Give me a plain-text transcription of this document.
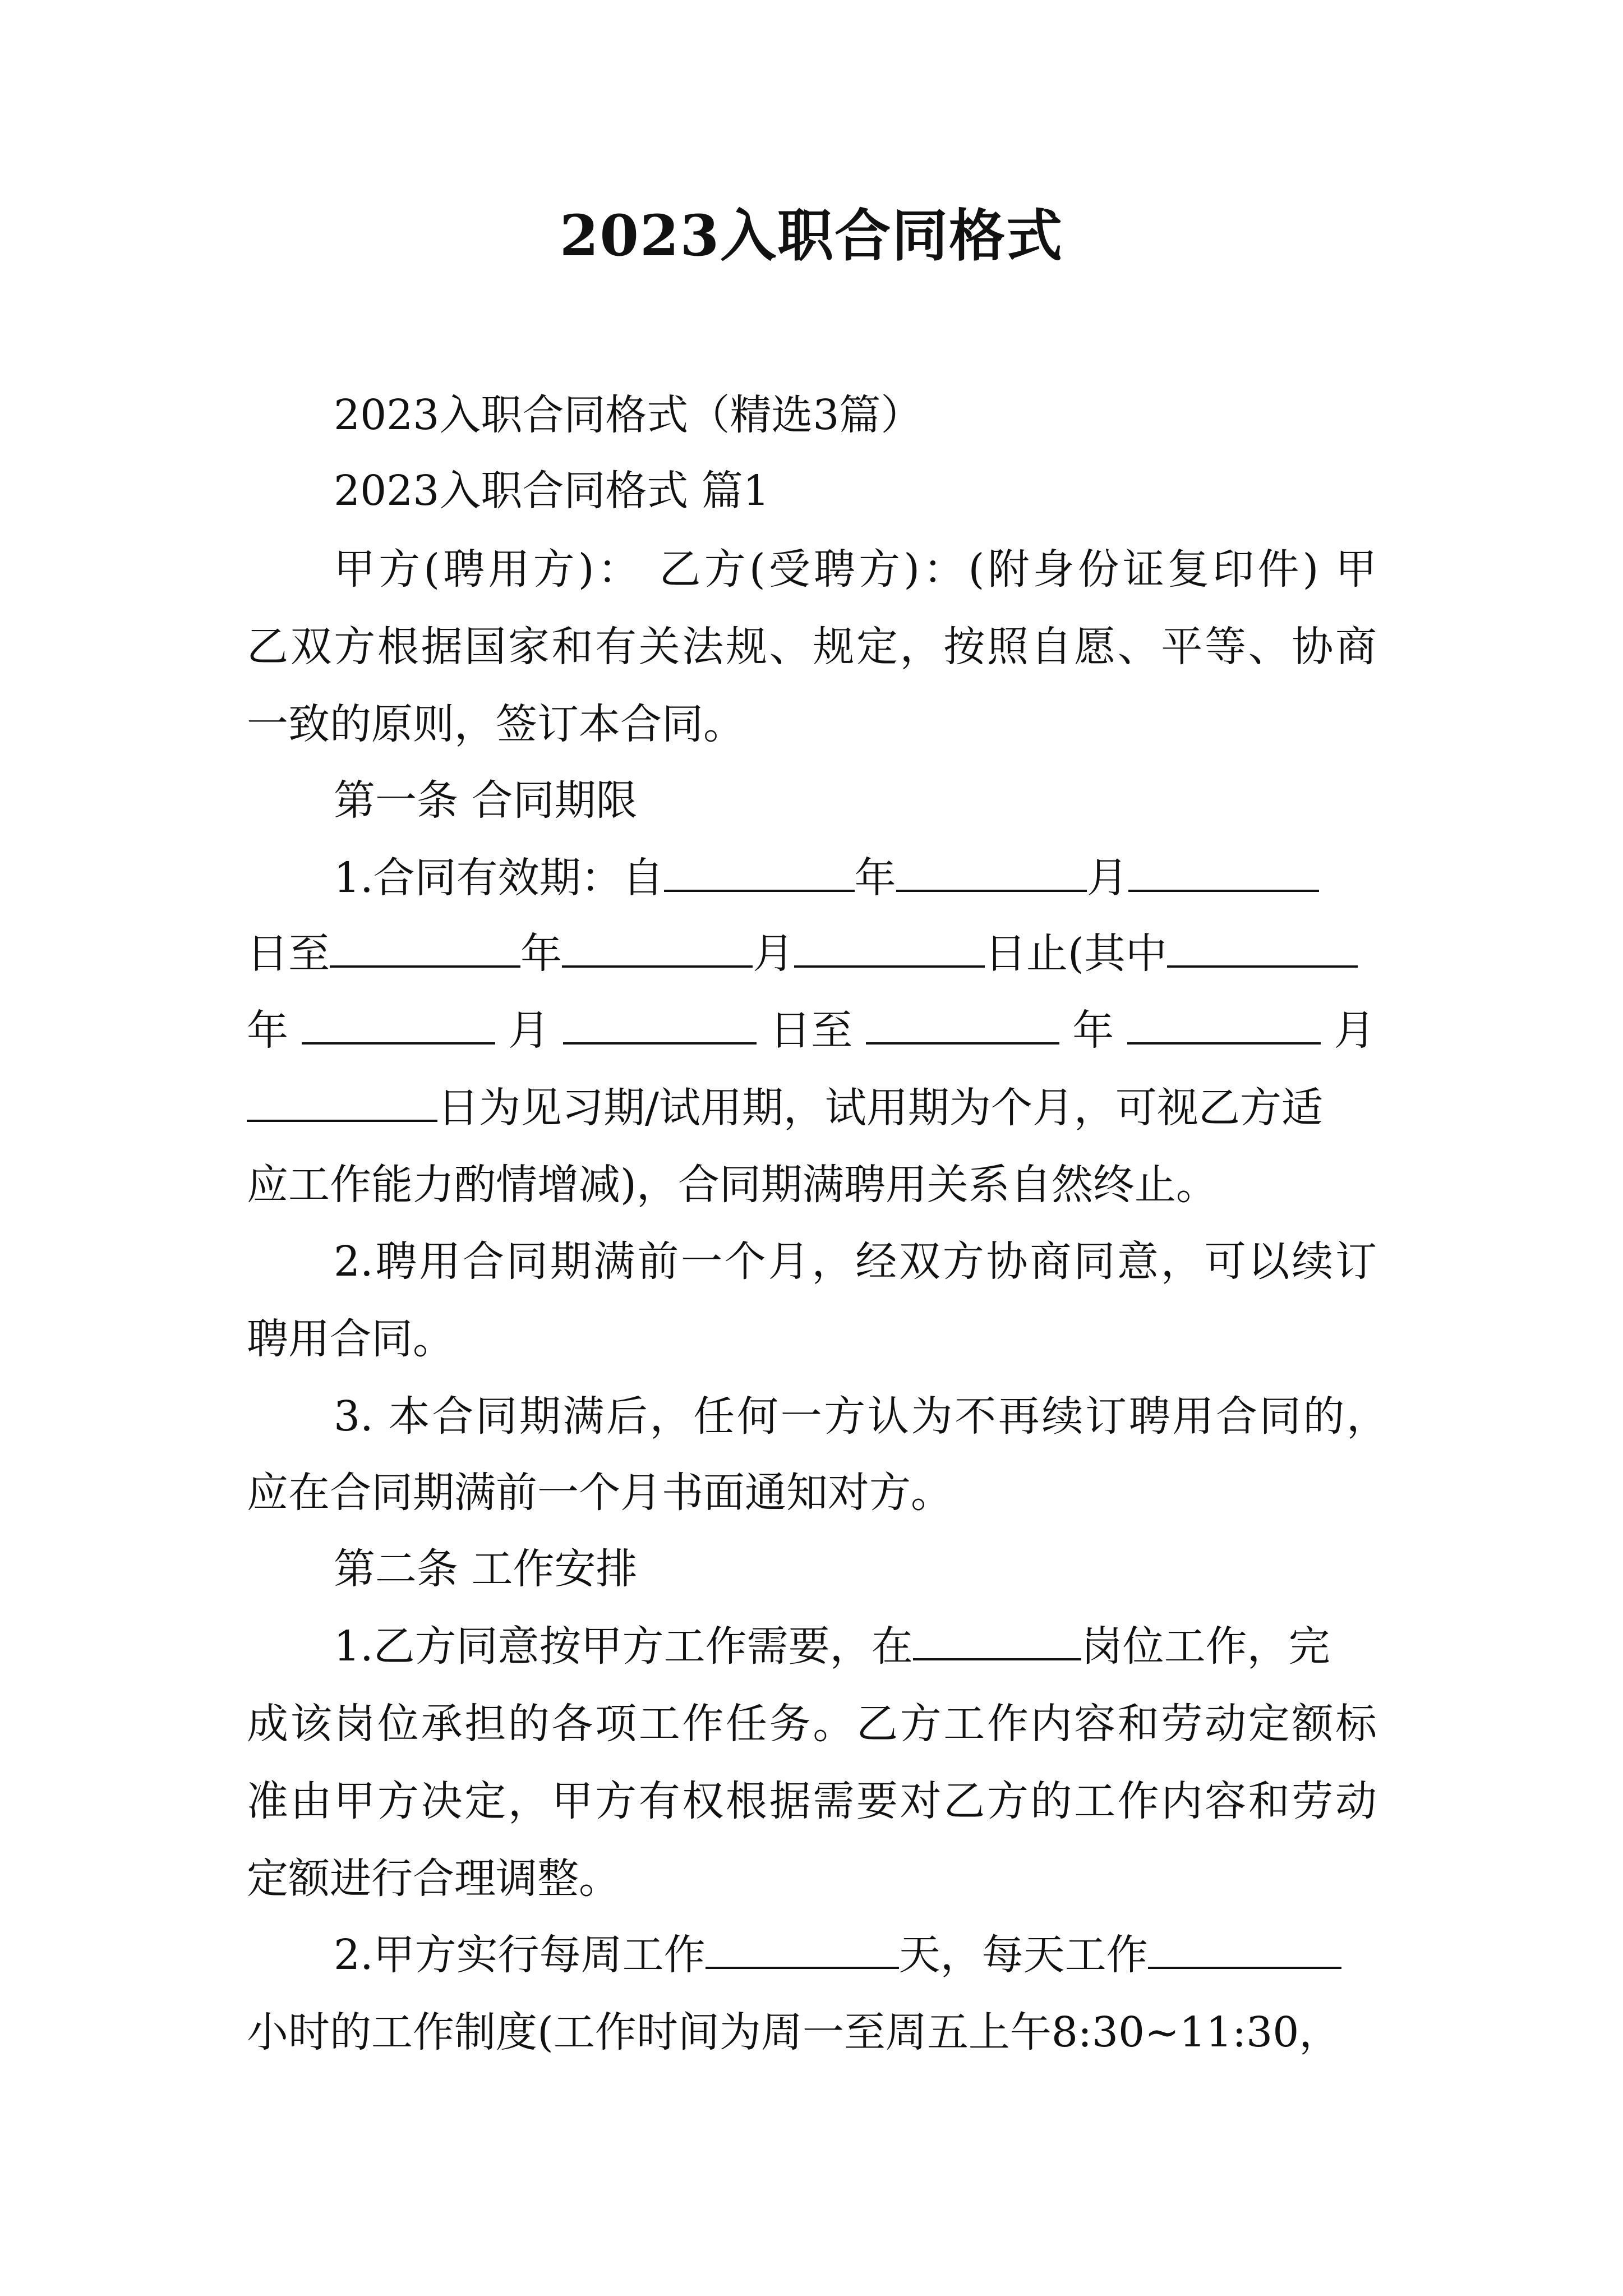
2023入职合同格式
2023入职合同格式（精选3篇）
2023入职合同格式 篇1
甲方(聘用方)： 乙方(受聘方)：(附身份证复印件) 甲
乙双方根据国家和有关法规、规定，按照自愿、平等、协商
一致的原则，签订本合同。
第一条 合同期限
1.合同有效期：自	年	月
日至	年	月	日止(其中
年	月	日至	年	月
日为见习期/试用期，试用期为个月，可视乙方适
应工作能力酌情增减)，合同期满聘用关系自然终止。
2.聘用合同期满前一个月，经双方协商同意，可以续订
聘用合同。
3. 本合同期满后，任何一方认为不再续订聘用合同的，
应在合同期满前一个月书面通知对方。
第二条 工作安排
1.乙方同意按甲方工作需要，在	岗位工作，完
成该岗位承担的各项工作任务。乙方工作内容和劳动定额标
准由甲方决定，甲方有权根据需要对乙方的工作内容和劳动
定额进行合理调整。
2.甲方实行每周工作	天，每天工作
小时的工作制度(工作时间为周一至周五上午8:30~11:30，
